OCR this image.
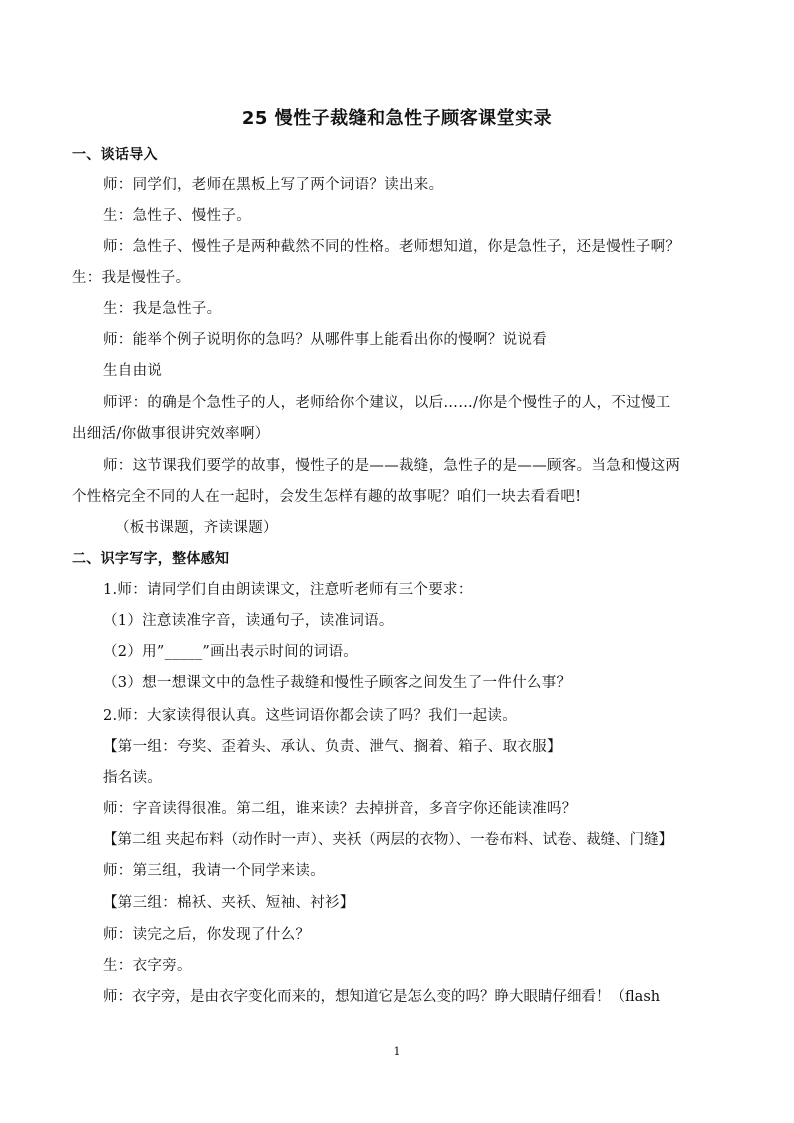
25 慢性子裁缝和急性子顾客课堂实录
一、谈话导入
师：同学们，老师在黑板上写了两个词语？读出来。
生：急性子、慢性子。
师：急性子、慢性子是两种截然不同的性格。老师想知道，你是急性子，还是慢性子啊？
生：我是慢性子。
生：我是急性子。
师：能举个例子说明你的急吗？从哪件事上能看出你的慢啊？说说看
生自由说
师评：的确是个急性子的人，老师给你个建议，以后……/你是个慢性子的人，不过慢工
出细活/你做事很讲究效率啊）
师：这节课我们要学的故事，慢性子的是——裁缝，急性子的是——顾客。当急和慢这两
个性格完全不同的人在一起时，会发生怎样有趣的故事呢？咱们一块去看看吧!
（板书课题，齐读课题）
二、识字写字，整体感知
1.师：请同学们自由朗读课文，注意听老师有三个要求：
（1）注意读准字音，读通句子，读准词语。
（2）用”_____”画出表示时间的词语。
（3）想一想课文中的急性子裁缝和慢性子顾客之间发生了一件什么事？
2.师：大家读得很认真。这些词语你都会读了吗？我们一起读。
【第一组：夸奖、歪着头、承认、负责、泄气、搁着、箱子、取衣服】
指名读。
师：字音读得很准。第二组，谁来读？去掉拼音，多音字你还能读准吗？
【第二组 夹起布料（动作时一声）、夹袄（两层的衣物）、一卷布料、试卷、裁缝、门缝】
师：第三组，我请一个同学来读。
【第三组：棉袄、夹袄、短袖、衬衫】
师：读完之后，你发现了什么？
生：衣字旁。
师：衣字旁，是由衣字变化而来的，想知道它是怎么变的吗？睁大眼睛仔细看！（flash
1
